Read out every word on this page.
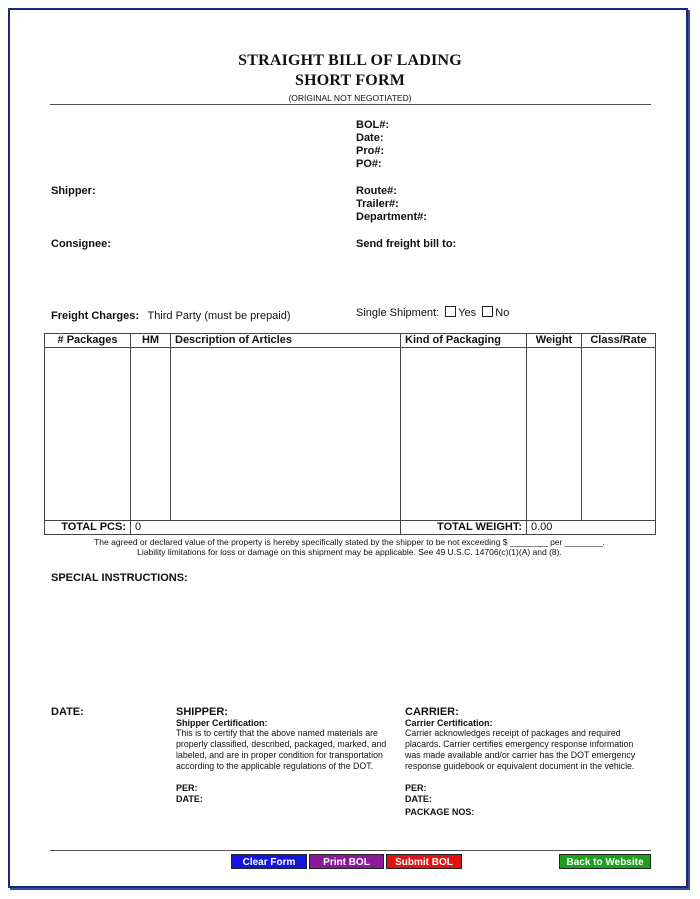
STRAIGHT BILL OF LADING
SHORT FORM
(ORIGINAL NOT NEGOTIATED)
BOL#:
Date:
Pro#:
PO#:
Shipper:	Route#:
Trailer#:
Department#:
Consignee:	Send freight bill to:
Freight Charges: Third Party (must be prepaid)	Single Shipment: Yes No
# Packages	HM	Description of Articles	Kind of Packaging	Weight	Class/Rate

TOTAL PCS:	0		TOTAL WEIGHT:	0.00	
The agreed or declared value of the property is hereby specifically stated by the shipper to be not exceeding $ ________ per ________.
Liability limitations for loss or damage on this shipment may be applicable. See 49 U.S.C. 14706(c)(1)(A) and (8).
SPECIAL INSTRUCTIONS:
DATE:	SHIPPER:
Shipper Certification:
This is to certify that the above named materials are properly classified, described, packaged, marked, and labeled, and are in proper condition for transportation according to the applicable regulations of the DOT.
PER:
DATE:
CARRIER:
Carrier Certification:
Carrier acknowledges receipt of packages and required placards. Carrier certifies emergency response information was made available and/or carrier has the DOT emergency response guidebook or equivalent document in the vehicle.
PER:
DATE:
PACKAGE NOS:
Clear Form	Print BOL	Submit BOL	Back to Website
